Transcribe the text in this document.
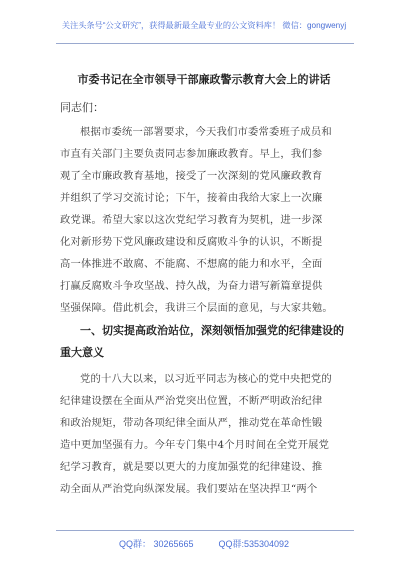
关注头条号“公文研究”，获得最新最全最专业的公文资料库！ 微信：gongwenyj
市委书记在全市领导干部廉政警示教育大会上的讲话
同志们：
根据市委统一部署要求，今天我们市委常委班子成员和
市直有关部门主要负责同志参加廉政教育。早上，我们参
观了全市廉政教育基地，接受了一次深刻的党风廉政教育
并组织了学习交流讨论；下午，接着由我给大家上一次廉
政党课。希望大家以这次党纪学习教育为契机，进一步深
化对新形势下党风廉政建设和反腐败斗争的认识，不断提
高一体推进不敢腐、不能腐、不想腐的能力和水平，全面
打赢反腐败斗争攻坚战、持久战，为奋力谱写新篇章提供
坚强保障。借此机会，我讲三个层面的意见，与大家共勉。
一、切实提高政治站位，深刻领悟加强党的纪律建设的
重大意义
党的十八大以来，以习近平同志为核心的党中央把党的
纪律建设摆在全面从严治党突出位置，不断严明政治纪律
和政治规矩，带动各项纪律全面从严，推动党在革命性锻
造中更加坚强有力。今年专门集中4个月时间在全党开展党
纪学习教育，就是要以更大的力度加强党的纪律建设、推
动全面从严治党向纵深发展。我们要站在坚决捍卫“两个
QQ群： 30265665          QQ群:535304092
